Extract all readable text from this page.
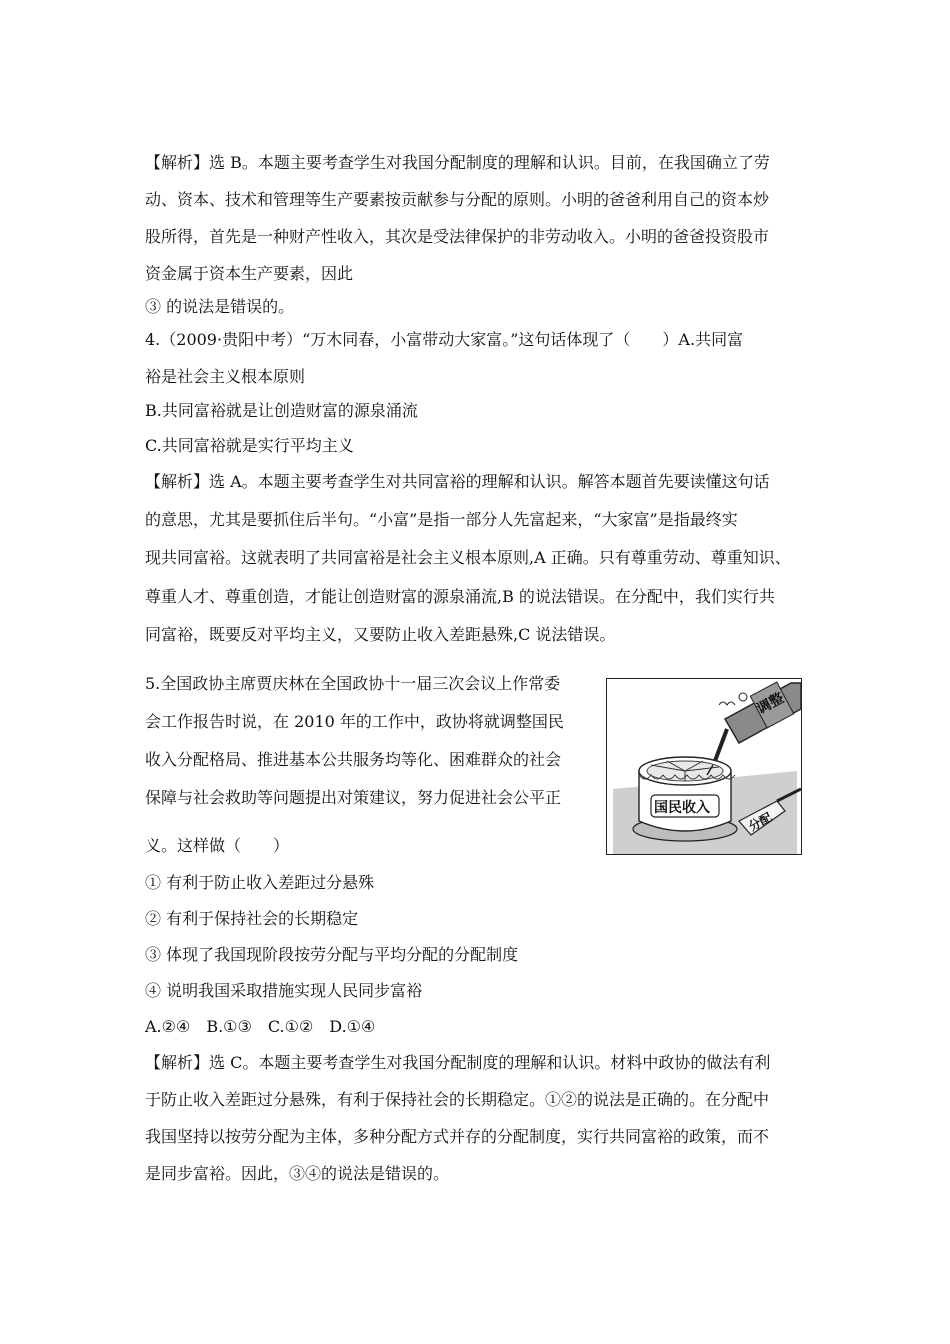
【解析】选 B。本题主要考查学生对我国分配制度的理解和认识。目前，在我国确立了劳
动、资本、技术和管理等生产要素按贡献参与分配的原则。小明的爸爸利用自己的资本炒
股所得，首先是一种财产性收入，其次是受法律保护的非劳动收入。小明的爸爸投资股市
资金属于资本生产要素，因此
③ 的说法是错误的。
4.（2009·贵阳中考）“万木同春，小富带动大家富。”这句话体现了（　　）A.共同富
裕是社会主义根本原则
B.共同富裕就是让创造财富的源泉涌流
C.共同富裕就是实行平均主义
【解析】选 A。本题主要考查学生对共同富裕的理解和认识。解答本题首先要读懂这句话
的意思，尤其是要抓住后半句。“小富”是指一部分人先富起来，“大家富”是指最终实
现共同富裕。这就表明了共同富裕是社会主义根本原则,A 正确。只有尊重劳动、尊重知识、
尊重人才、尊重创造，才能让创造财富的源泉涌流,B 的说法错误。在分配中，我们实行共
同富裕，既要反对平均主义，又要防止收入差距悬殊,C 说法错误。
5.全国政协主席贾庆林在全国政协十一届三次会议上作常委
会工作报告时说，在 2010 年的工作中，政协将就调整国民
收入分配格局、推进基本公共服务均等化、困难群众的社会
保障与社会救助等问题提出对策建议，努力促进社会公平正
义。这样做（　　）
① 有利于防止收入差距过分悬殊
② 有利于保持社会的长期稳定
③ 体现了我国现阶段按劳分配与平均分配的分配制度
④ 说明我国采取措施实现人民同步富裕
A.②④　B.①③　C.①②　D.①④
【解析】选 C。本题主要考查学生对我国分配制度的理解和认识。材料中政协的做法有利
于防止收入差距过分悬殊，有利于保持社会的长期稳定。①②的说法是正确的。在分配中
我国坚持以按劳分配为主体，多种分配方式并存的分配制度，实行共同富裕的政策，而不
是同步富裕。因此，③④的说法是错误的。
调整
国民收入
分配
